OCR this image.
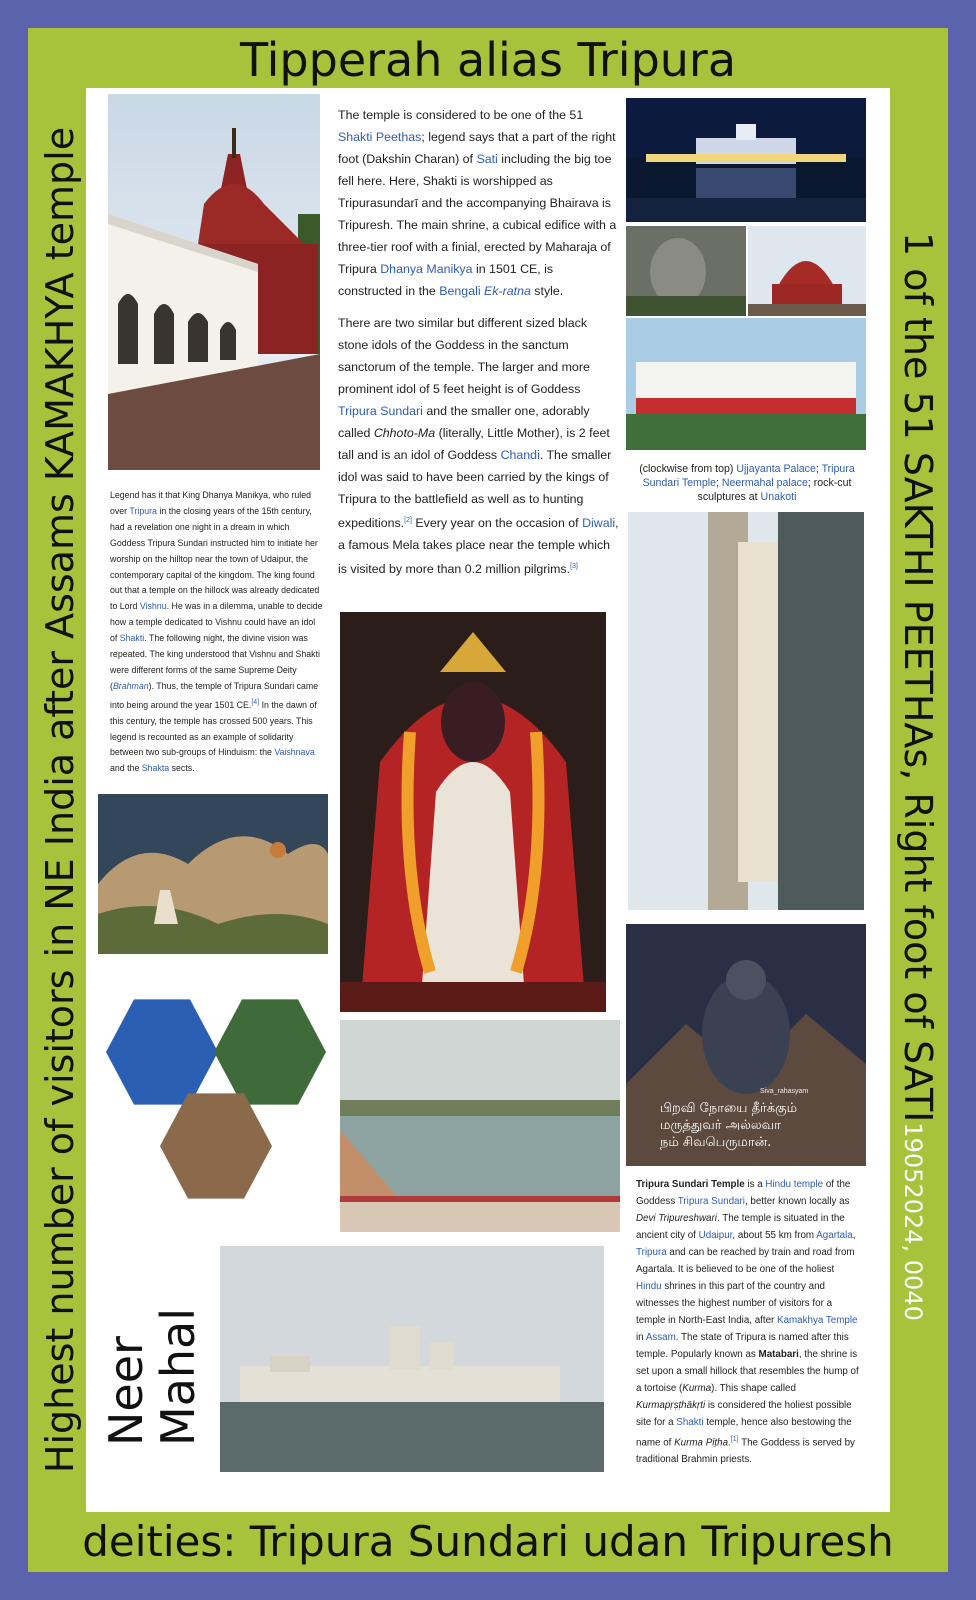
Tipperah alias Tripura
deities: Tripura Sundari udan Tripuresh
Highest number of visitors in NE India after Assams KAMAKHYA temple	1 of the 51 SAKTHI PEETHAs, Right foot of SATI19052024, 0040

The temple is considered to be one of the 51 Shakti Peethas; legend says that a part of the right foot (Dakshin Charan) of Sati including the big toe fell here. Here, Shakti is worshipped as Tripurasundarī and the accompanying Bhairava is Tripuresh. The main shrine, a cubical edifice with a three-tier roof with a finial, erected by Maharaja of Tripura Dhanya Manikya in 1501 CE, is constructed in the Bengali Ek-ratna style.

There are two similar but different sized black stone idols of the Goddess in the sanctum sanctorum of the temple. The larger and more prominent idol of 5 feet height is of Goddess Tripura Sundari and the smaller one, adorably called Chhoto-Ma (literally, Little Mother), is 2 feet tall and is an idol of Goddess Chandi. The smaller idol was said to have been carried by the kings of Tripura to the battlefield as well as to hunting expeditions.[2] Every year on the occasion of Diwali, a famous Mela takes place near the temple which is visited by more than 0.2 million pilgrims.[3]

(clockwise from top) Ujjayanta Palace; Tripura Sundari Temple; Neermahal palace; rock-cut sculptures at Unakoti
Legend has it that King Dhanya Manikya, who ruled over Tripura in the closing years of the 15th century, had a revelation one night in a dream in which Goddess Tripura Sundari instructed him to initiate her worship on the hilltop near the town of Udaipur, the contemporary capital of the kingdom. The king found out that a temple on the hillock was already dedicated to Lord Vishnu. He was in a dilemma, unable to decide how a temple dedicated to Vishnu could have an idol of Shakti. The following night, the divine vision was repeated. The king understood that Vishnu and Shakti were different forms of the same Supreme Deity (Brahman). Thus, the temple of Tripura Sundari came into being around the year 1501 CE.[4] In the dawn of this century, the temple has crossed 500 years. This legend is recounted as an example of solidarity between two sub-groups of Hinduism: the Vaishnava and the Shakta sects.
Siva_rahasyam
பிறவி நோயை தீர்க்கும்
மருத்துவர் அல்லவா
நம் சிவபெருமான்.
Tripura Sundari Temple is a Hindu temple of the Goddess Tripura Sundari, better known locally as Devi Tripureshwari. The temple is situated in the ancient city of Udaipur, about 55 km from Agartala, Tripura and can be reached by train and road from Agartala. It is believed to be one of the holiest Hindu shrines in this part of the country and witnesses the highest number of visitors for a temple in North-East India, after Kamakhya Temple in Assam. The state of Tripura is named after this temple. Popularly known as Matabari, the shrine is set upon a small hillock that resembles the hump of a tortoise (Kurma). This shape called Kurmapṛṣṭhākṛti is considered the holiest possible site for a Shakti temple, hence also bestowing the name of Kurma Pīṭha.[1] The Goddess is served by traditional Brahmin priests.
Neer
Mahal
